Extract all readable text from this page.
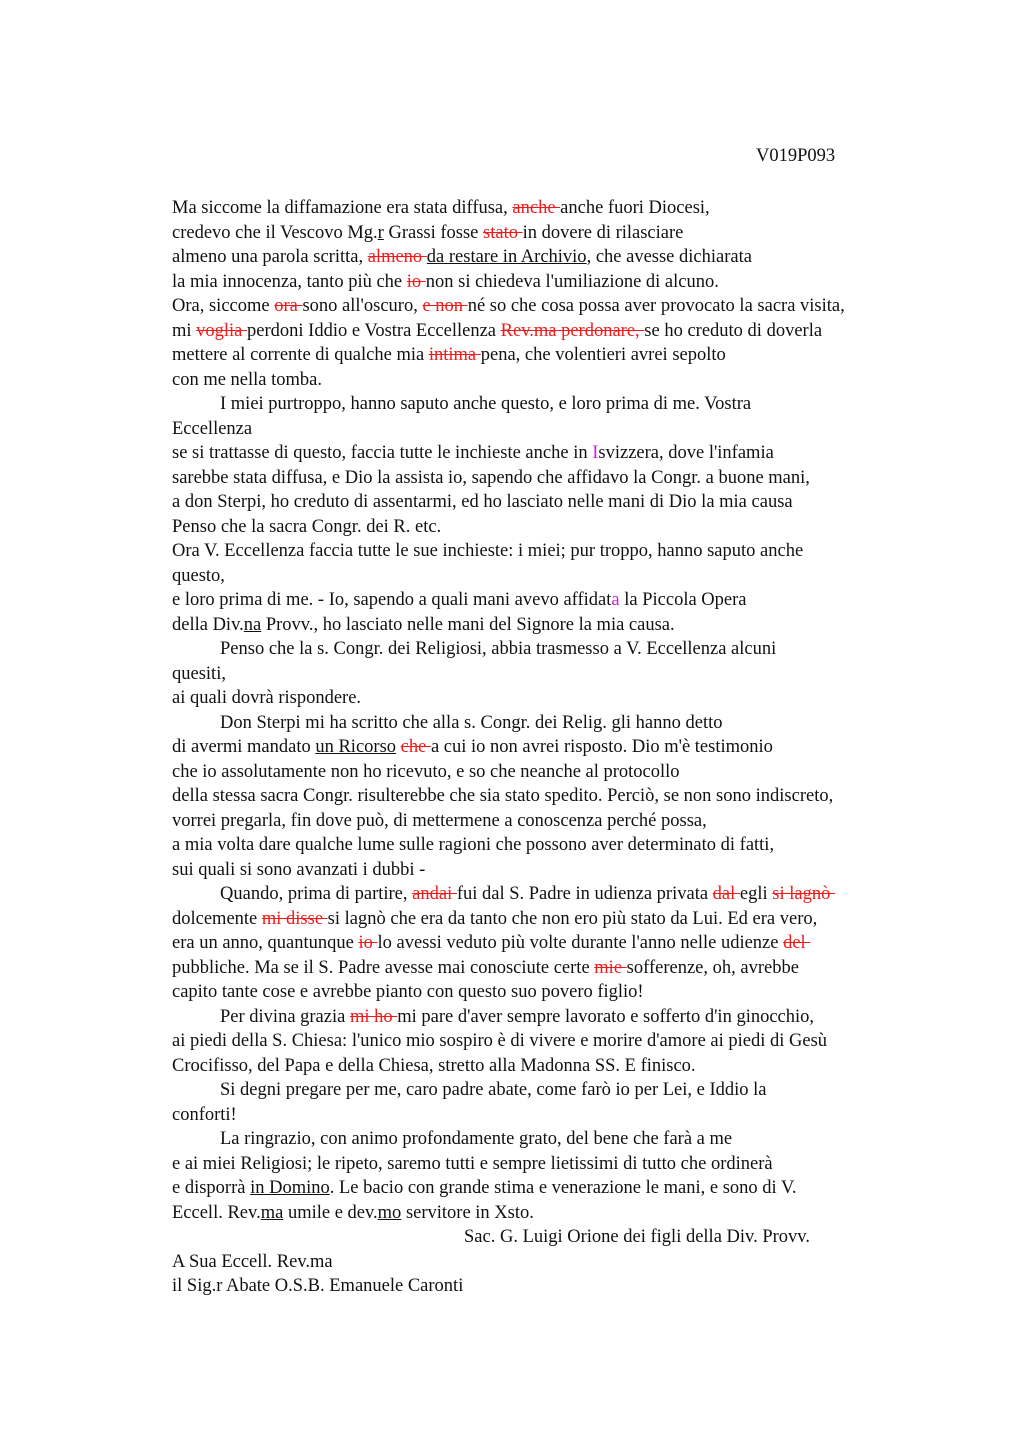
V019P093
Ma siccome la diffamazione era stata diffusa, anche anche fuori Diocesi,
credevo che il Vescovo Mg.r Grassi fosse stato in dovere di rilasciare
almeno una parola scritta, almeno da restare in Archivio, che avesse dichiarata
la mia innocenza, tanto più che io non si chiedeva l'umiliazione di alcuno.
Ora, siccome ora sono all'oscuro, e non né so che cosa possa aver provocato la sacra visita,
mi voglia perdoni Iddio e Vostra Eccellenza Rev.ma perdonare, se ho creduto di doverla
mettere al corrente di qualche mia intima pena, che volentieri avrei sepolto
con me nella tomba.
I miei purtroppo, hanno saputo anche questo, e loro prima di me. Vostra
Eccellenza
se si trattasse di questo, faccia tutte le inchieste anche in Isvizzera, dove l'infamia
sarebbe stata diffusa, e Dio la assista io, sapendo che affidavo la Congr. a buone mani,
a don Sterpi, ho creduto di assentarmi, ed ho lasciato nelle mani di Dio la mia causa
Penso che la sacra Congr. dei R. etc.
Ora V. Eccellenza faccia tutte le sue inchieste: i miei; pur troppo, hanno saputo anche
questo,
e loro prima di me. - Io, sapendo a quali mani avevo affidata la Piccola Opera
della Div.na Provv., ho lasciato nelle mani del Signore la mia causa.
Penso che la s. Congr. dei Religiosi, abbia trasmesso a V. Eccellenza alcuni
quesiti,
ai quali dovrà rispondere.
Don Sterpi mi ha scritto che alla s. Congr. dei Relig. gli hanno detto
di avermi mandato un Ricorso che a cui io non avrei risposto. Dio m'è testimonio
che io assolutamente non ho ricevuto, e so che neanche al protocollo
della stessa sacra Congr. risulterebbe che sia stato spedito. Perciò, se non sono indiscreto,
vorrei pregarla, fin dove può, di mettermene a conoscenza perché possa,
a mia volta dare qualche lume sulle ragioni che possono aver determinato di fatti,
sui quali si sono avanzati i dubbi -
Quando, prima di partire, andai fui dal S. Padre in udienza privata dal egli si lagnò
dolcemente mi disse si lagnò che era da tanto che non ero più stato da Lui. Ed era vero,
era un anno, quantunque io lo avessi veduto più volte durante l'anno nelle udienze del
pubbliche. Ma se il S. Padre avesse mai conosciute certe mie sofferenze, oh, avrebbe
capito tante cose e avrebbe pianto con questo suo povero figlio!
Per divina grazia mi ho mi pare d'aver sempre lavorato e sofferto d'in ginocchio,
ai piedi della S. Chiesa: l'unico mio sospiro è di vivere e morire d'amore ai piedi di Gesù
Crocifisso, del Papa e della Chiesa, stretto alla Madonna SS. E finisco.
Si degni pregare per me, caro padre abate, come farò io per Lei, e Iddio la
conforti!
La ringrazio, con animo profondamente grato, del bene che farà a me
e ai miei Religiosi; le ripeto, saremo tutti e sempre lietissimi di tutto che ordinerà
e disporrà in Domino. Le bacio con grande stima e venerazione le mani, e sono di V.
Eccell. Rev.ma umile e dev.mo servitore in Xsto.
Sac. G. Luigi Orione dei figli della Div. Provv.
A Sua Eccell. Rev.ma
il Sig.r Abate O.S.B. Emanuele Caronti
